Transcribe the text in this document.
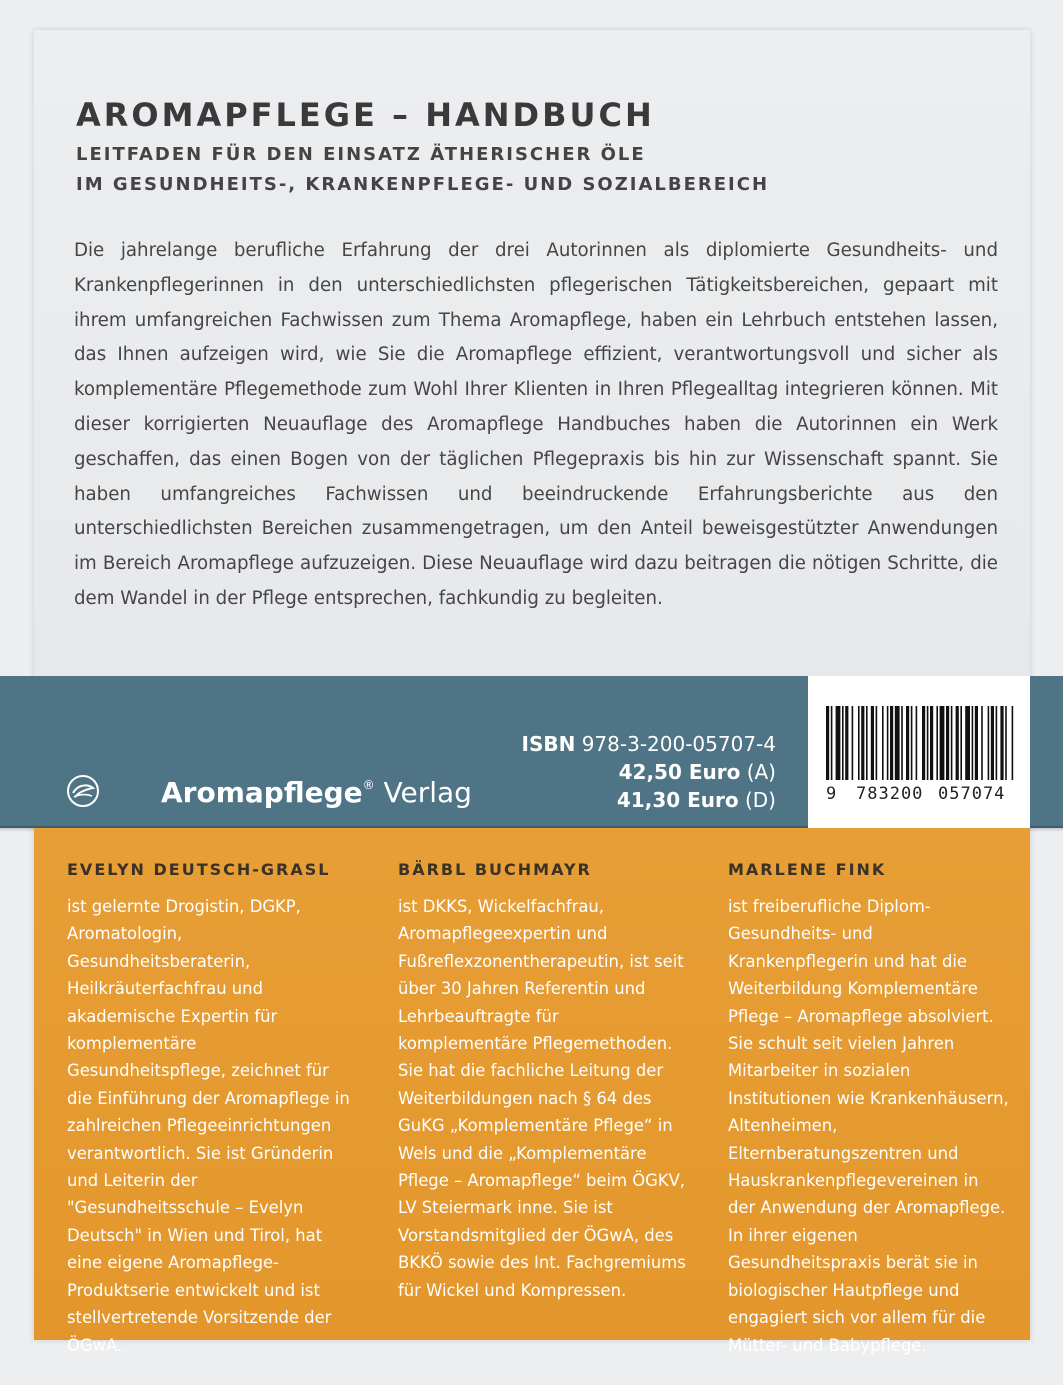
AROMAPFLEGE – HANDBUCH
LEITFADEN FÜR DEN EINSATZ ÄTHERISCHER ÖLE
IM GESUNDHEITS-, KRANKENPFLEGE- UND SOZIALBEREICH
Die jahrelange berufliche Erfahrung der drei Autorinnen als diplomierte Gesundheits- und Krankenpflegerinnen in den unterschiedlichsten pflegerischen Tätigkeitsbereichen, gepaart mit ihrem umfangreichen Fachwissen zum Thema Aromapflege, haben ein Lehrbuch entstehen lassen, das Ihnen aufzeigen wird, wie Sie die Aromapflege effizient, verantwortungsvoll und sicher als komplementäre Pflegemethode zum Wohl Ihrer Klienten in Ihren Pflegealltag integrieren können. Mit dieser korrigierten Neuauflage des Aromapflege Handbuches haben die Autorinnen ein Werk geschaffen, das einen Bogen von der täglichen Pflegepraxis bis hin zur Wissenschaft spannt. Sie haben umfangreiches Fachwissen und beeindruckende Erfahrungsberichte aus den unterschiedlichsten Bereichen zusammengetragen, um den Anteil beweisgestützter Anwendungen im Bereich Aromapflege aufzuzeigen. Diese Neuauflage wird dazu beitragen die nötigen Schritte, die dem Wandel in der Pflege entsprechen, fachkundig zu begleiten.
Aromapflege® Verlag
ISBN 978-3-200-05707-4
42,50 Euro (A)
41,30 Euro (D)	9 783200 057074
EVELYN DEUTSCH-GRASL
ist gelernte Drogistin, DGKP, Aromatologin, Gesundheitsberaterin, Heilkräuterfachfrau und akademische Expertin für komplementäre Gesundheitspflege, zeichnet für die Einführung der Aromapflege in zahlreichen Pflegeeinrichtungen verantwortlich. Sie ist Gründerin und Leiterin der "Gesundheitsschule – Evelyn Deutsch" in Wien und Tirol, hat eine eigene Aromapflege-Produktserie entwickelt und ist stellvertretende Vorsitzende der ÖGwA.
BÄRBL BUCHMAYR
ist DKKS, Wickelfachfrau, Aromapflegeexpertin und Fußreflexzonentherapeutin, ist seit über 30 Jahren Referentin und Lehrbeauftragte für komplementäre Pflegemethoden. Sie hat die fachliche Leitung der Weiterbildungen nach § 64 des GuKG „Komplementäre Pflege“ in Wels und die „Komplementäre Pflege – Aromapflege“ beim ÖGKV, LV Steiermark inne. Sie ist Vorstandsmitglied der ÖGwA, des BKKÖ sowie des Int. Fachgremiums für Wickel und Kompressen.
MARLENE FINK
ist freiberufliche Diplom-Gesundheits- und Krankenpflegerin und hat die Weiterbildung Komplementäre Pflege – Aromapflege absolviert. Sie schult seit vielen Jahren Mitarbeiter in sozialen Institutionen wie Krankenhäusern, Altenheimen, Elternberatungszentren und Hauskrankenpflegevereinen in der Anwendung der Aromapflege. In ihrer eigenen Gesundheitspraxis berät sie in biologischer Hautpflege und engagiert sich vor allem für die Mütter- und Babypflege.
